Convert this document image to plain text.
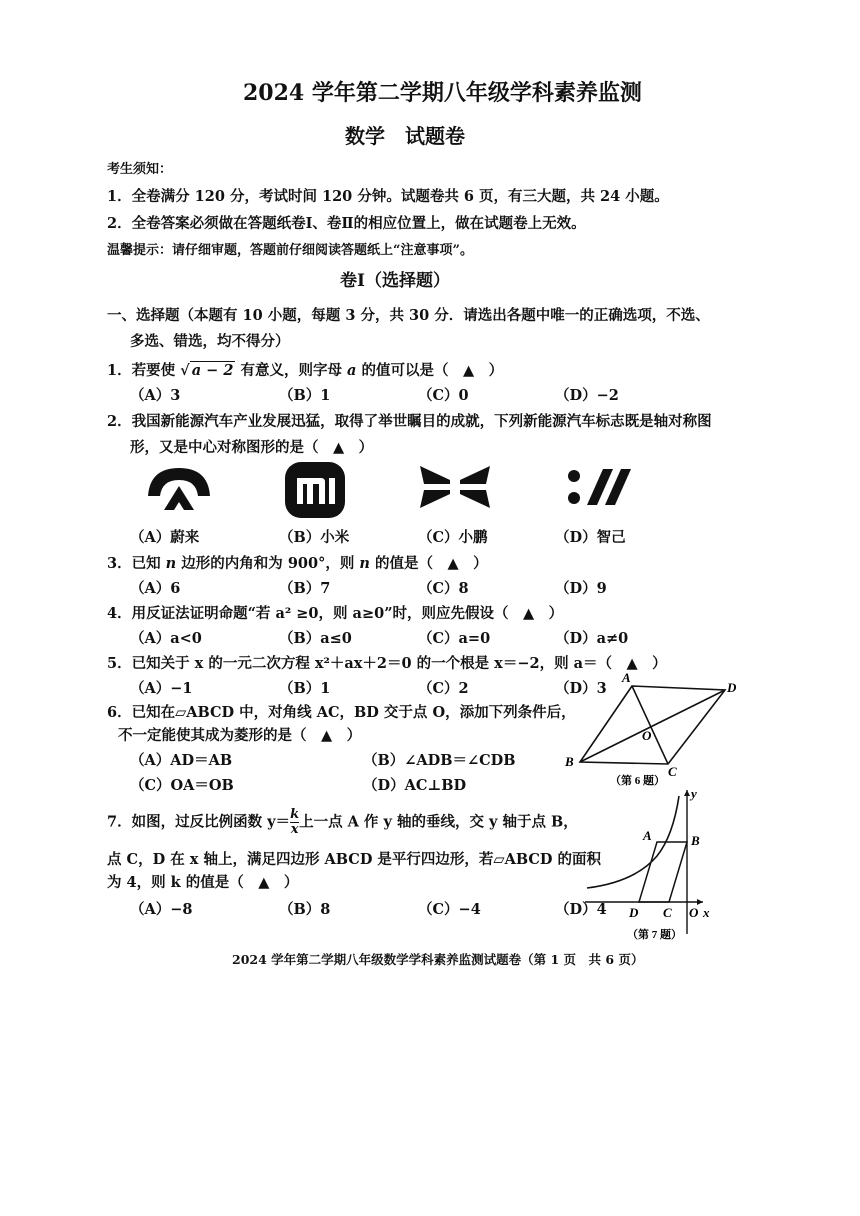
2024 学年第二学期八年级学科素养监测
数学　试题卷
考生须知：
1．全卷满分 120 分，考试时间 120 分钟。试题卷共 6 页，有三大题，共 24 小题。
2．全卷答案必须做在答题纸卷Ⅰ、卷Ⅱ的相应位置上，做在试题卷上无效。
温馨提示：请仔细审题，答题前仔细阅读答题纸上“注意事项”。
卷Ⅰ（选择题）
一、选择题（本题有 10 小题，每题 3 分，共 30 分．请选出各题中唯一的正确选项，不选、
多选、错选，均不得分）
1．若要使 √ a − 2 有意义，则字母 a 的值可以是（　▲　）
（A）3	（B）1	（C）0	（D）−2
2．我国新能源汽车产业发展迅猛，取得了举世瞩目的成就，下列新能源汽车标志既是轴对称图
形，又是中心对称图形的是（　▲　）
（A）蔚来	（B）小米	（C）小鹏	（D）智己
3．已知 n 边形的内角和为 900°，则 n 的值是（　▲　）
（A）6	（B）7	（C）8	（D）9
4．用反证法证明命题“若 a² ≥0，则 a≥0”时，则应先假设（　▲　）
（A）a<0	（B）a≤0	（C）a=0	（D）a≠0
5．已知关于 x 的一元二次方程 x²＋ax＋2＝0 的一个根是 x＝−2，则 a＝（　▲　）
（A）−1	（B）1	（C）2	（D）3
6．已知在▱ABCD 中，对角线 AC，BD 交于点 O，添加下列条件后，
不一定能使其成为菱形的是（　▲　）
（A）AD＝AB	（B）∠ADB＝∠CDB
（C）OA＝OB	（D）AC⊥BD
A
B
C
D
O
（第 6 题）
7．如图，过反比例函数 $y= \frac{k}{x}$ 上一点 A 作 y 轴的垂线，交 y 轴于点 B，
点 C，D 在 x 轴上，满足四边形 ABCD 是平行四边形，若▱ABCD 的面积
为 4，则 k 的值是（　▲　）
（A）−8	（B）8	（C）−4	（D）4
A	B
C
D	O x
y
（第 7 题）
2024 学年第二学期八年级数学学科素养监测试题卷（第 1 页　共 6 页）
